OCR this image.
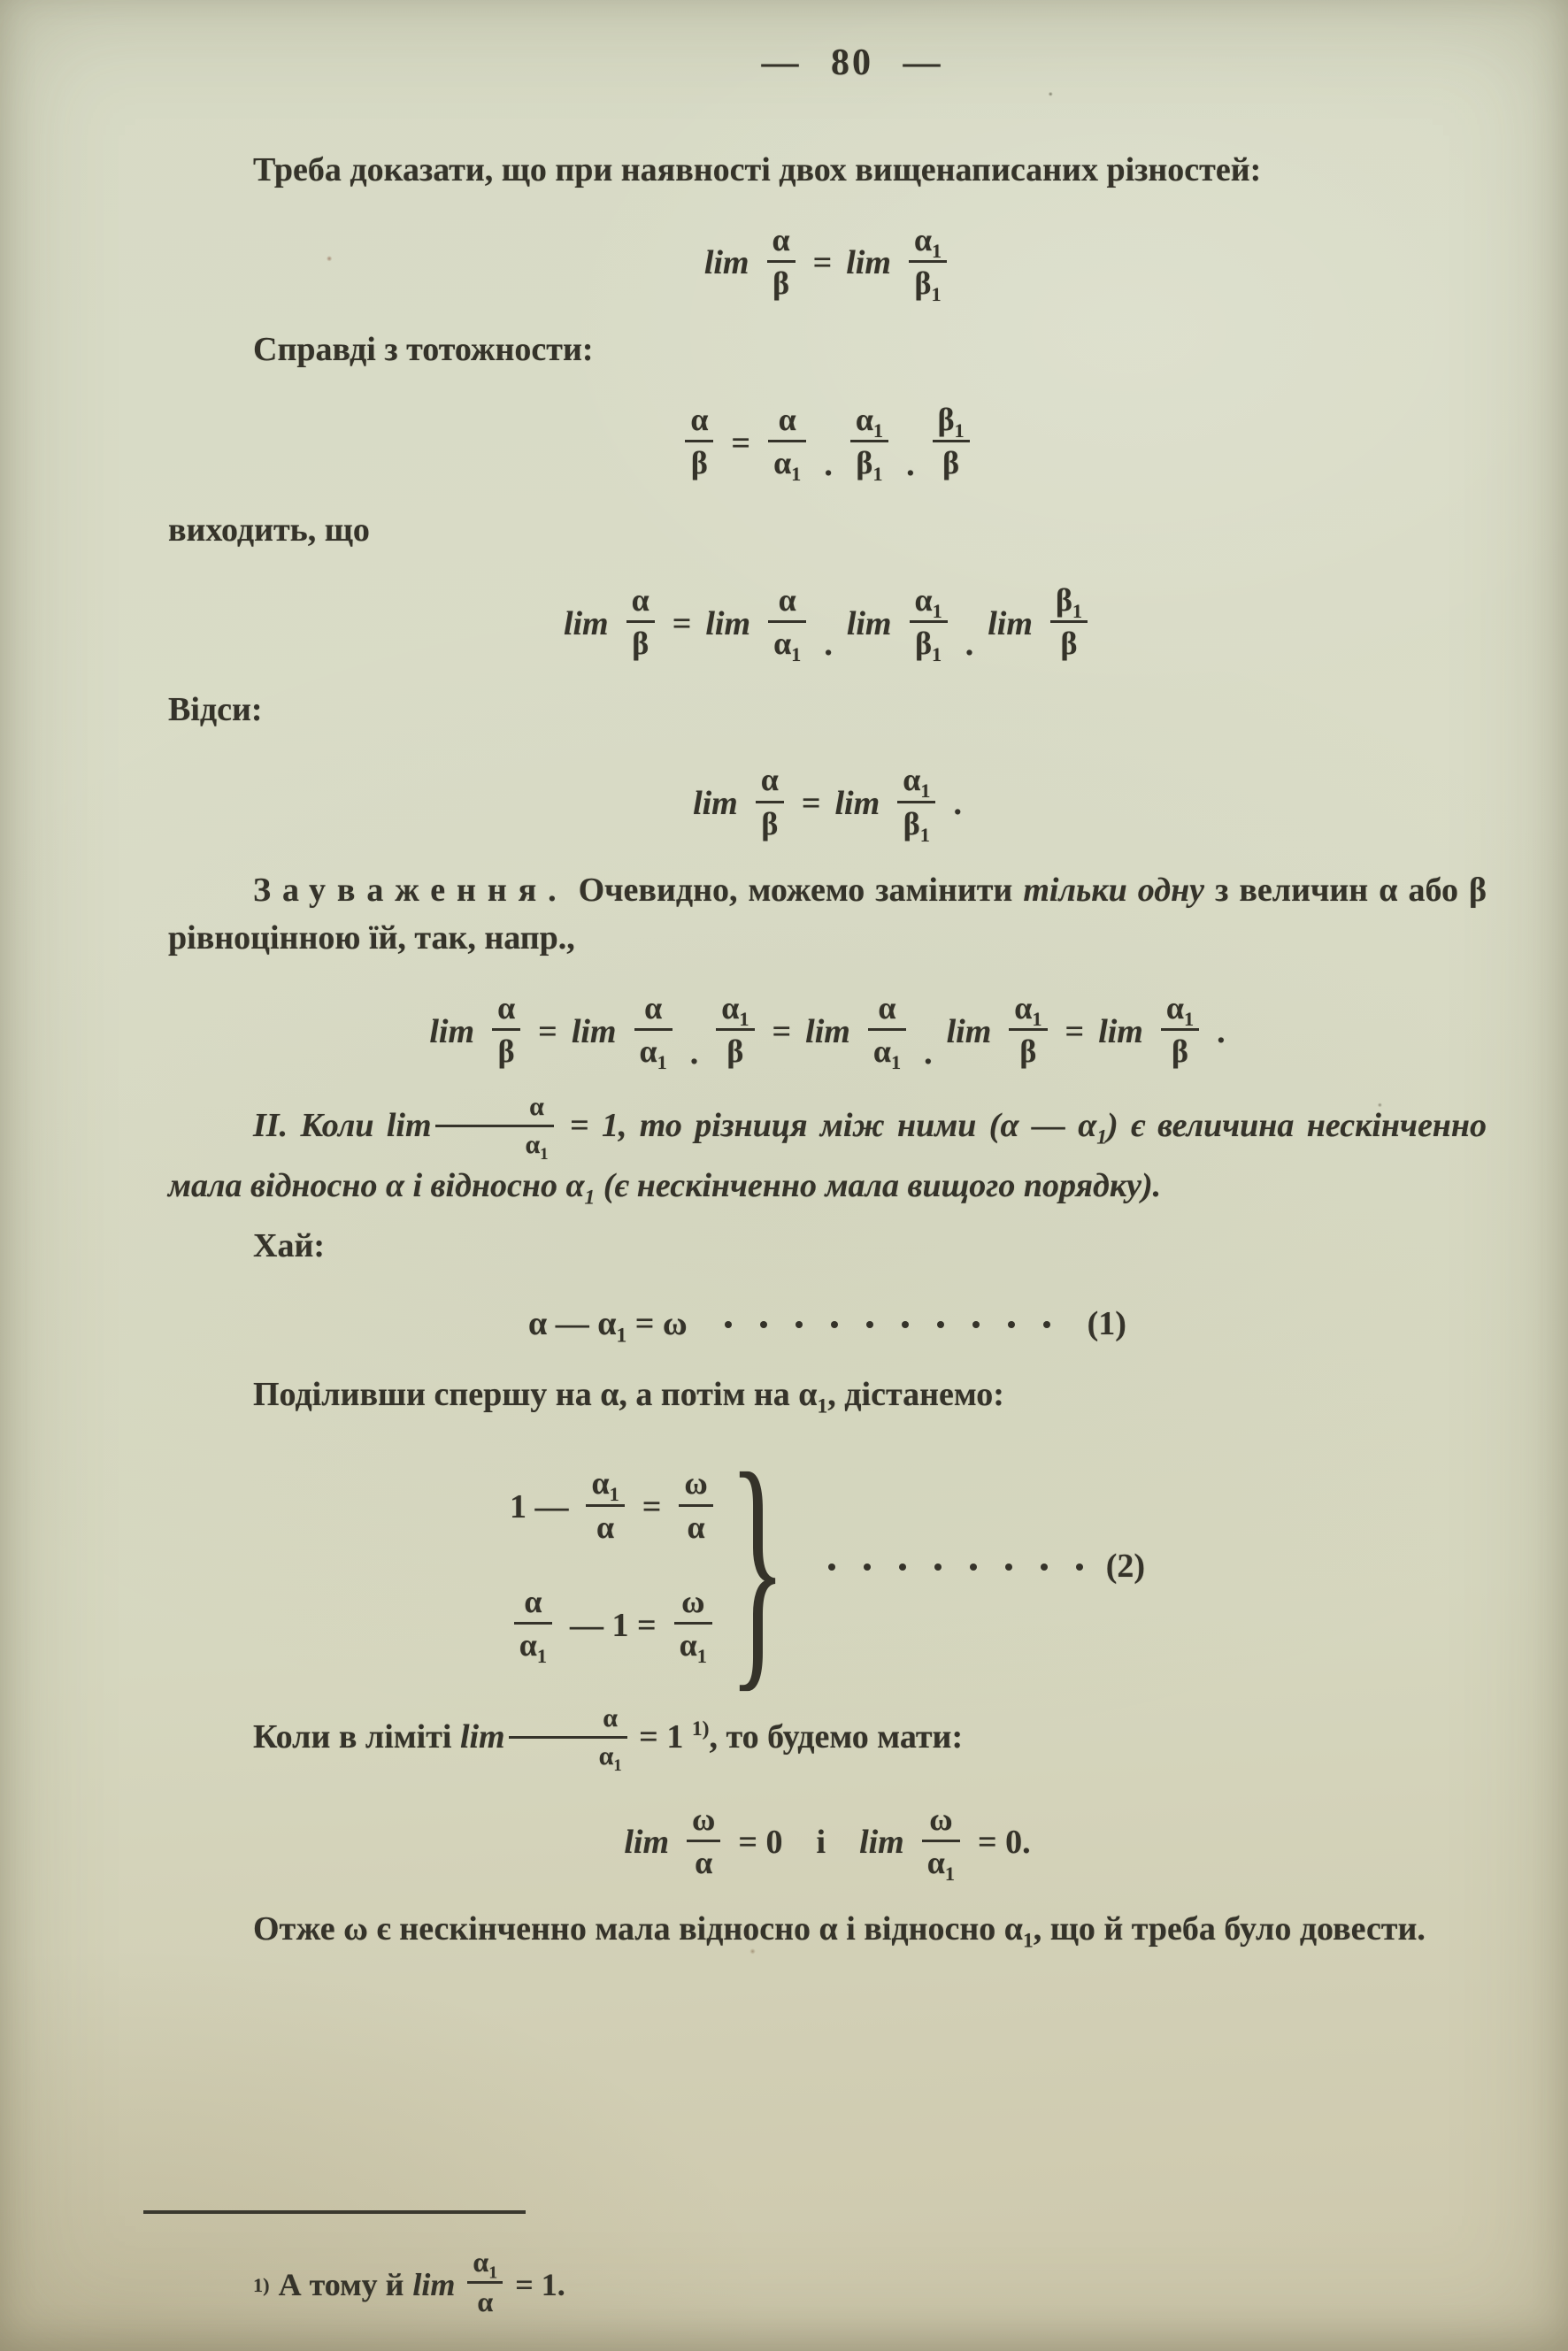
— 80 —

Треба доказати, що при наявності двох вищенаписаних різностей:

$\lim \frac{\alpha}{\beta} = \lim \frac{\alpha_1}{\beta_1}$

Справді з тотожности:

$\frac{\alpha}{\beta} = \frac{\alpha}{\alpha_1}$ . $\frac{\alpha_1}{\beta_1}$ . $\frac{\beta_1}{\beta}$

виходить, що

$\lim \frac{\alpha}{\beta} = \lim \frac{\alpha}{\alpha_1}$ .
$\lim \frac{\alpha_1}{\beta_1}$ .
$\lim \frac{\beta_1}{\beta}$

Відси:

$\lim \frac{\alpha}{\beta} = \lim \frac{\alpha_1}{\beta_1}$ .

Зауваження. Очевидно, можемо замінити тільки одну з величин α або β рівноцінною їй, так, напр.,

$\lim \frac{\alpha}{\beta} = \lim \frac{\alpha}{\alpha_1}$ . $\frac{\alpha_1}{\beta} = \lim \frac{\alpha}{\alpha_1}$ .
$\lim \frac{\alpha_1}{\beta} = \lim \frac{\alpha_1}{\beta}$ .

II. Коли $\lim \frac{\alpha}{\alpha_1} = 1$, то різниця між ними (α — $\alpha_1$) є величина нескінченно мала відносно α і відносно $\alpha_1$ (є нескінченно мала вищого порядку).

Хай:

α — $\alpha_1 = \omega$	(1)

Поділивши спершу на α, а потім на $\alpha_1$, дістанемо:

1 — $\frac{\alpha_1}{\alpha} = \frac{\omega}{\alpha}$
$\frac{\alpha}{\alpha_1}$ — $1 = \frac{\omega}{\alpha_1}$ }	(2)

Коли в ліміті $\lim \frac{\alpha}{\alpha_1} = 1$ $^{1)}$, то будемо мати:

$\lim \frac{\omega}{\alpha} = 0$ і $\lim \frac{\omega}{\alpha_1} = 0$.

Отже ω є нескінченно мала відносно α і відносно $\alpha_1$, що й треба було довести.

1) А тому й $\lim \frac{\alpha_1}{\alpha} = 1$.
